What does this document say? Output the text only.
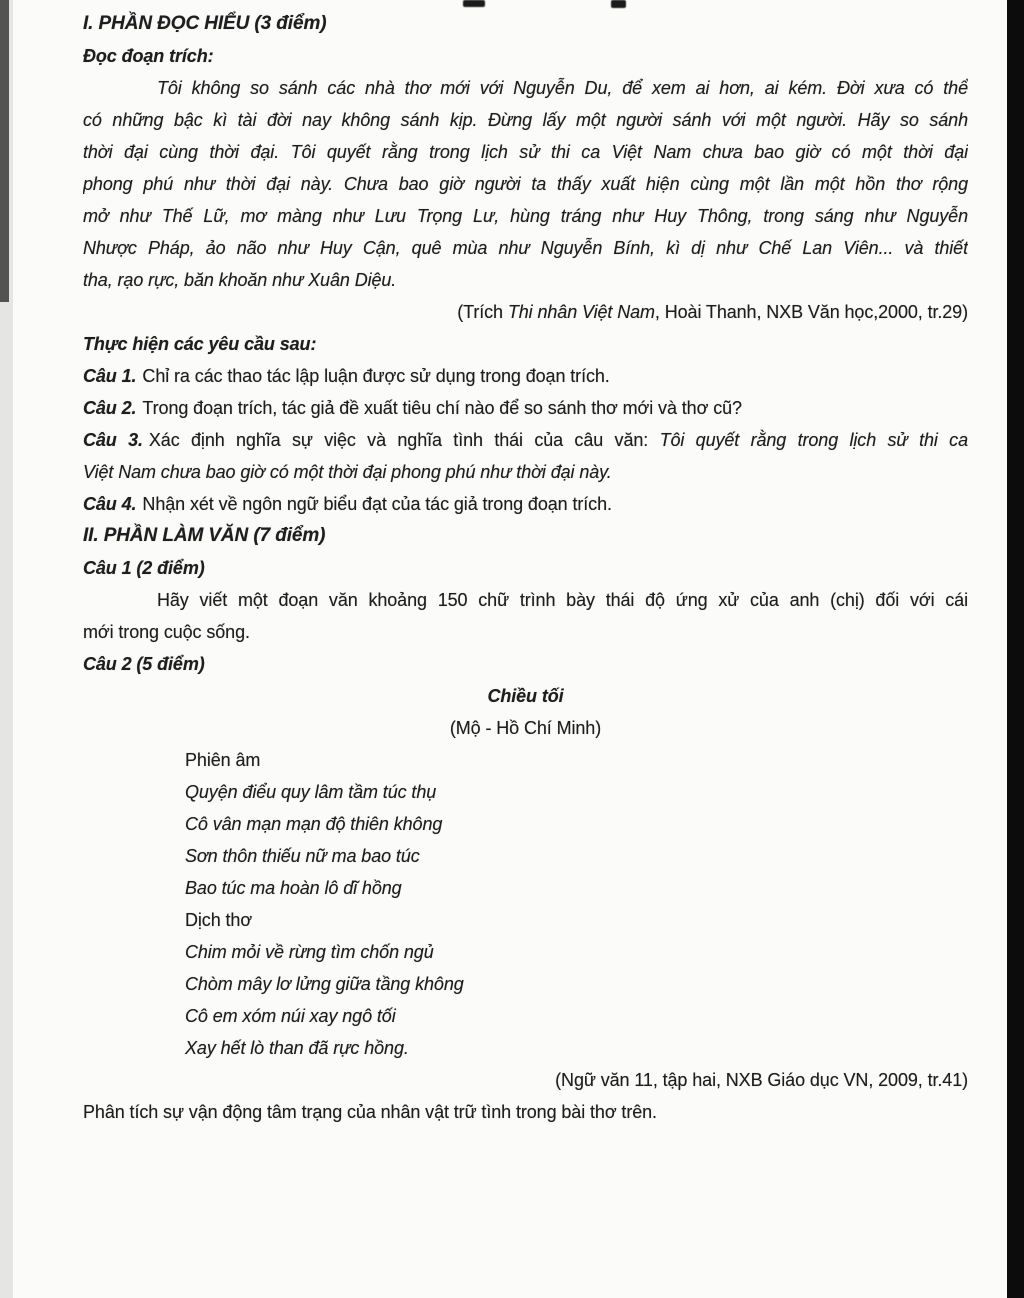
I. PHẦN ĐỌC HIỂU (3 điểm)
Đọc đoạn trích:
Tôi không so sánh các nhà thơ mới với Nguyễn Du, để xem ai hơn, ai kém. Đời xưa có thể
có những bậc kì tài đời nay không sánh kịp. Đừng lấy một người sánh với một người. Hãy so sánh
thời đại cùng thời đại. Tôi quyết rằng trong lịch sử thi ca Việt Nam chưa bao giờ có một thời đại
phong phú như thời đại này. Chưa bao giờ người ta thấy xuất hiện cùng một lần một hồn thơ rộng
mở như Thế Lữ, mơ màng như Lưu Trọng Lư, hùng tráng như Huy Thông, trong sáng như Nguyễn
Nhược Pháp, ảo não như Huy Cận, quê mùa như Nguyễn Bính, kì dị như Chế Lan Viên... và thiết
tha, rạo rực, băn khoăn như Xuân Diệu.
(Trích Thi nhân Việt Nam, Hoài Thanh, NXB Văn học,2000, tr.29)
Thực hiện các yêu cầu sau:
Câu 1. Chỉ ra các thao tác lập luận được sử dụng trong đoạn trích.
Câu 2. Trong đoạn trích, tác giả đề xuất tiêu chí nào để so sánh thơ mới và thơ cũ?
Câu 3. Xác định nghĩa sự việc và nghĩa tình thái của câu văn: Tôi quyết rằng trong lịch sử thi ca
Việt Nam chưa bao giờ có một thời đại phong phú như thời đại này.
Câu 4. Nhận xét về ngôn ngữ biểu đạt của tác giả trong đoạn trích.
II. PHẦN LÀM VĂN (7 điểm)
Câu 1 (2 điểm)
Hãy viết một đoạn văn khoảng 150 chữ trình bày thái độ ứng xử của anh (chị) đối với cái
mới trong cuộc sống.
Câu 2 (5 điểm)
Chiều tối
(Mộ - Hồ Chí Minh)
Phiên âm
Quyện điểu quy lâm tầm túc thụ
Cô vân mạn mạn độ thiên không
Sơn thôn thiếu nữ ma bao túc
Bao túc ma hoàn lô dĩ hồng
Dịch thơ
Chim mỏi về rừng tìm chốn ngủ
Chòm mây lơ lửng giữa tầng không
Cô em xóm núi xay ngô tối
Xay hết lò than đã rực hồng.
(Ngữ văn 11, tập hai, NXB Giáo dục VN, 2009, tr.41)
Phân tích sự vận động tâm trạng của nhân vật trữ tình trong bài thơ trên.
